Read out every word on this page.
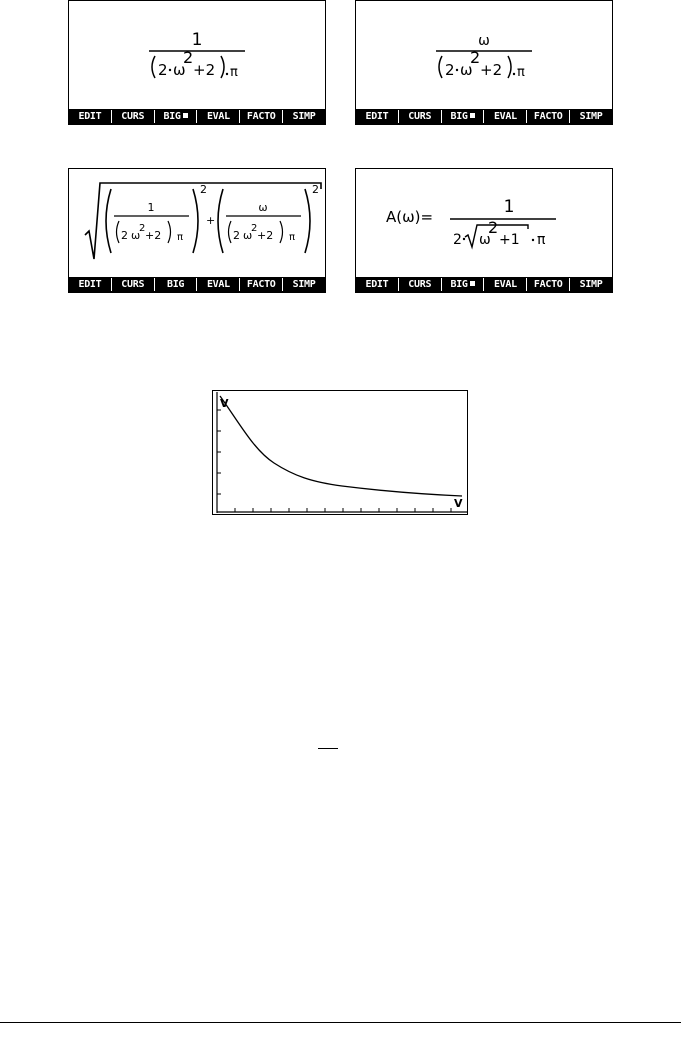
1
2 ω
2
+2 π
EDIT	CURS	BIG	EVAL	FACTO	SIMP
ω
2 ω
2
+2 π
EDIT	CURS	BIG	EVAL	FACTO	SIMP
1
2 ω
2
+2 π
2
+
ω
2 ω
2
+2 π
2
EDIT	CURS	BIG	EVAL	FACTO	SIMP
A(ω)=	1
2 ω
2
+1 π
EDIT	CURS	BIG	EVAL	FACTO	SIMP
V
V
